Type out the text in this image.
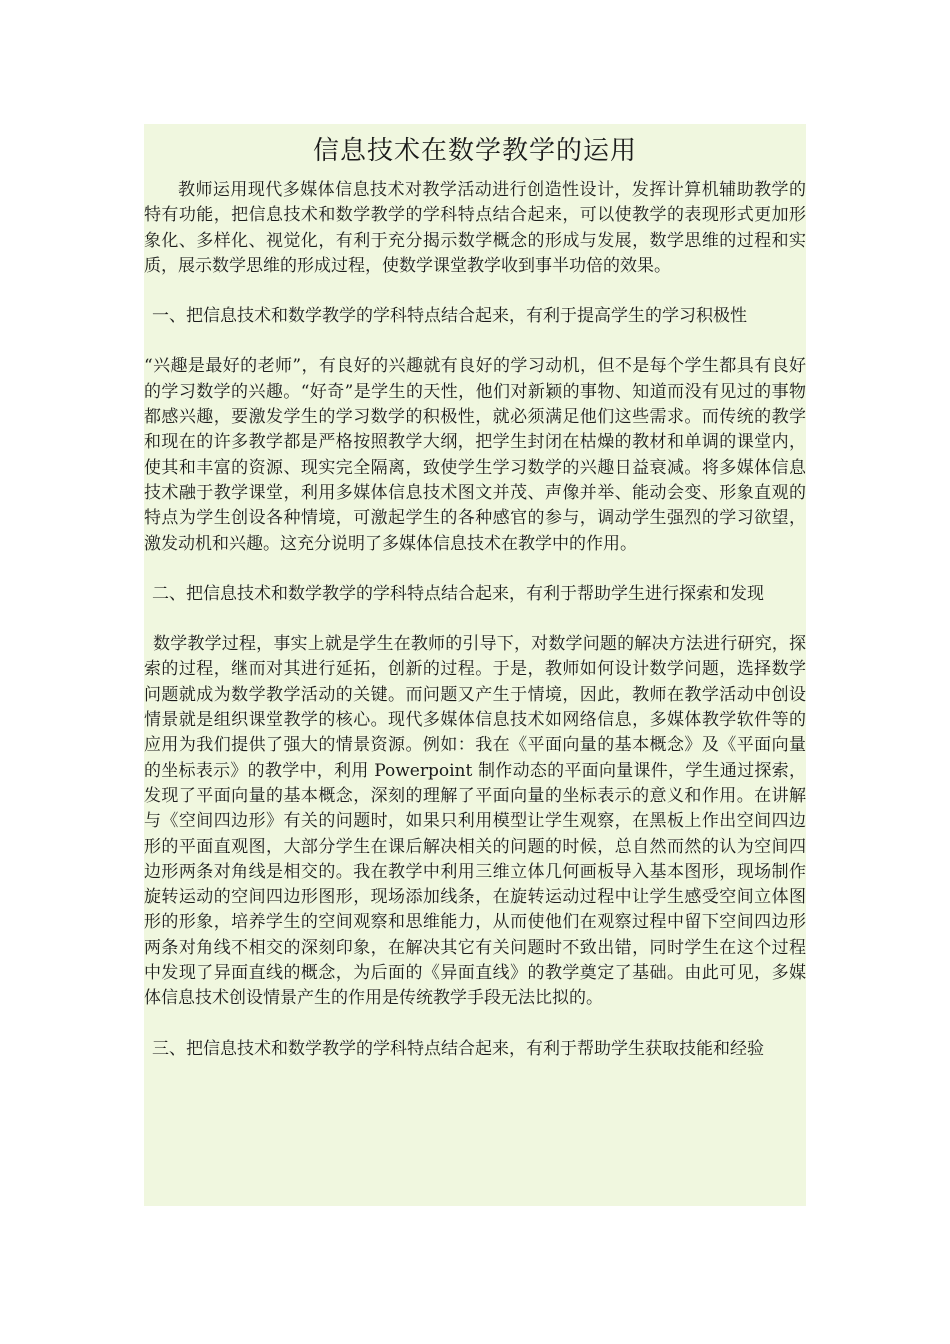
信息技术在数学教学的运用

教师运用现代多媒体信息技术对教学活动进行创造性设计，发挥计算机辅助教学的特有功能，把信息技术和数学教学的学科特点结合起来，可以使教学的表现形式更加形象化、多样化、视觉化，有利于充分揭示数学概念的形成与发展，数学思维的过程和实质，展示数学思维的形成过程，使数学课堂教学收到事半功倍的效果。

一、把信息技术和数学教学的学科特点结合起来，有利于提高学生的学习积极性

“兴趣是最好的老师”，有良好的兴趣就有良好的学习动机，但不是每个学生都具有良好的学习数学的兴趣。“好奇”是学生的天性，他们对新颖的事物、知道而没有见过的事物都感兴趣，要激发学生的学习数学的积极性，就必须满足他们这些需求。而传统的教学和现在的许多教学都是严格按照教学大纲，把学生封闭在枯燥的教材和单调的课堂内，使其和丰富的资源、现实完全隔离，致使学生学习数学的兴趣日益衰减。将多媒体信息技术融于教学课堂，利用多媒体信息技术图文并茂、声像并举、能动会变、形象直观的特点为学生创设各种情境，可激起学生的各种感官的参与，调动学生强烈的学习欲望，激发动机和兴趣。这充分说明了多媒体信息技术在教学中的作用。

二、把信息技术和数学教学的学科特点结合起来，有利于帮助学生进行探索和发现

数学教学过程，事实上就是学生在教师的引导下，对数学问题的解决方法进行研究，探索的过程，继而对其进行延拓，创新的过程。于是，教师如何设计数学问题，选择数学问题就成为数学教学活动的关键。而问题又产生于情境，因此，教师在教学活动中创设情景就是组织课堂教学的核心。现代多媒体信息技术如网络信息，多媒体教学软件等的应用为我们提供了强大的情景资源。例如：我在《平面向量的基本概念》及《平面向量的坐标表示》的教学中，利用 Powerpoint 制作动态的平面向量课件，学生通过探索，发现了平面向量的基本概念，深刻的理解了平面向量的坐标表示的意义和作用。在讲解与《空间四边形》有关的问题时，如果只利用模型让学生观察，在黑板上作出空间四边形的平面直观图，大部分学生在课后解决相关的问题的时候，总自然而然的认为空间四边形两条对角线是相交的。我在教学中利用三维立体几何画板导入基本图形，现场制作旋转运动的空间四边形图形，现场添加线条，在旋转运动过程中让学生感受空间立体图形的形象，培养学生的空间观察和思维能力，从而使他们在观察过程中留下空间四边形两条对角线不相交的深刻印象，在解决其它有关问题时不致出错，同时学生在这个过程中发现了异面直线的概念，为后面的《异面直线》的教学奠定了基础。由此可见，多媒体信息技术创设情景产生的作用是传统教学手段无法比拟的。

三、把信息技术和数学教学的学科特点结合起来，有利于帮助学生获取技能和经验
